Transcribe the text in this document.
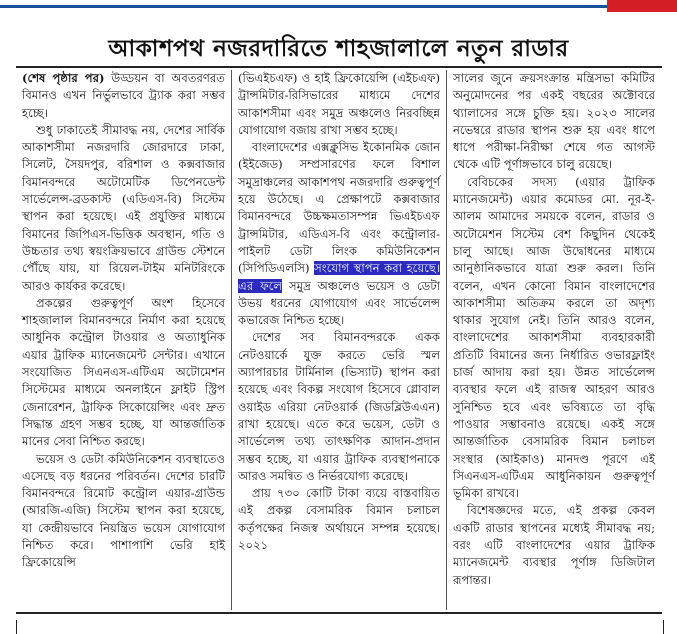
আকাশপথ নজরদারিতে শাহজালালে নতুন রাডার

(শেষ পৃষ্ঠার পর) উড্ডয়ন বা অবতরণরত বিমানও এখন নির্ভুলভাবে ট্র্যাক করা সম্ভব হচ্ছে।

শুধু ঢাকাতেই সীমাবদ্ধ নয়, দেশের সার্বিক আকাশসীমা নজরদারি জোরদারে ঢাকা, সিলেট, সৈয়দপুর, বরিশাল ও কক্সবাজার বিমানবন্দরে অটোমেটিক ডিপেনডেন্ট সার্ভেলেন্স-ব্রডকাস্ট (এডিএস-বি) সিস্টেম স্থাপন করা হয়েছে। এই প্রযুক্তির মাধ্যমে বিমানের জিপিএস-ভিত্তিক অবস্থান, গতি ও উচ্চতার তথ্য স্বয়ংক্রিয়ভাবে গ্রাউন্ড স্টেশনে পৌঁছে যায়, যা রিয়েল-টাইম মনিটরিংকে আরও কার্যকর করেছে।

প্রকল্পের গুরুত্বপূর্ণ অংশ হিসেবে শাহজালাল বিমানবন্দরে নির্মাণ করা হয়েছে আধুনিক কন্ট্রোল টাওয়ার ও অত্যাধুনিক এয়ার ট্রাফিক ম্যানেজমেন্ট সেন্টার। এখানে সংযোজিত সিএনএস-এটিএম অটোমেশন সিস্টেমের মাধ্যমে অনলাইনে ফ্লাইট স্ট্রিপ জেনারেশন, ট্রাফিক সিকোয়েন্সিং এবং দ্রুত সিদ্ধান্ত গ্রহণ সম্ভব হচ্ছে, যা আন্তর্জাতিক মানের সেবা নিশ্চিত করছে।

ভয়েস ও ডেটা কমিউনিকেশন ব্যবস্থাতেও এসেছে বড় ধরনের পরিবর্তন। দেশের চারটি বিমানবন্দরে রিমোট কন্ট্রোল এয়ার-গ্রাউন্ড (আরজি-এজি) সিস্টেম স্থাপন করা হয়েছে, যা কেন্দ্রীয়ভাবে নিয়ন্ত্রিত ভয়েস যোগাযোগ নিশ্চিত করে। পাশাপাশি ভেরি হাই ফ্রিকোয়েন্সি

(ভিএইচএফ) ও হাই ফ্রিকোয়েন্সি (এইচএফ) ট্রান্সমিটার-রিসিভারের মাধ্যমে দেশের আকাশসীমা এবং সমুদ্র অঞ্চলেও নিরবচ্ছিন্ন যোগাযোগ বজায় রাখা সম্ভব হচ্ছে।

বাংলাদেশের এক্সক্লুসিভ ইকোনমিক জোন (ইইজেড) সম্প্রসারণের ফলে বিশাল সমুদ্রাঞ্চলের আকাশপথ নজরদারি গুরুত্বপূর্ণ হয়ে উঠেছে। এ প্রেক্ষাপটে কক্সবাজার বিমানবন্দরে উচ্চক্ষমতাসম্পন্ন ভিএইচএফ ট্রান্সমিটার, এডিএস-বি এবং কন্ট্রোলার-পাইলট ডেটা লিংক কমিউনিকেশন (সিপিডিএলসি) সংযোগ স্থাপন করা হয়েছে। এর ফলে সমুদ্র অঞ্চলেও ভয়েস ও ডেটা উভয় ধরনের যোগাযোগ এবং সার্ভেলেন্স কভারেজ নিশ্চিত হচ্ছে।

দেশের সব বিমানবন্দরকে একক নেটওয়ার্কে যুক্ত করতে ভেরি স্মল অ্যাপারচার টার্মিনাল (ভিস্যাট) স্থাপন করা হয়েছে এবং বিকল্প সংযোগ হিসেবে গ্লোবাল ওয়াইড এরিয়া নেটওয়ার্ক (জিডব্লিউএএন) রাখা হয়েছে। এতে করে ভয়েস, ডেটা ও সার্ভেলেন্স তথ্য তাৎক্ষণিক আদান-প্রদান সম্ভব হচ্ছে, যা এয়ার ট্রাফিক ব্যবস্থাপনাকে আরও সমন্বিত ও নির্ভরযোগ্য করেছে।

প্রায় ৭৩০ কোটি টাকা ব্যয়ে বাস্তবায়িত এই প্রকল্প বেসামরিক বিমান চলাচল কর্তৃপক্ষের নিজস্ব অর্থায়নে সম্পন্ন হয়েছে। ২০২১

সালের জুনে ক্রয়সংক্রান্ত মন্ত্রিসভা কমিটির অনুমোদনের পর একই বছরের অক্টোবরে থ্যালাসের সঙ্গে চুক্তি হয়। ২০২৩ সালের নভেম্বরে রাডার স্থাপন শুরু হয় এবং ধাপে ধাপে পরীক্ষা-নিরীক্ষা শেষে গত আগস্ট থেকে এটি পূর্ণাঙ্গভাবে চালু রয়েছে।

বেবিচকের সদস্য (এয়ার ট্রাফিক ম্যানেজমেন্ট) এয়ার কমোডর মো. নূর-ই-আলম আমাদের সময়কে বলেন, রাডার ও অটোমেশন সিস্টেম বেশ কিছুদিন থেকেই চালু আছে। আজ উদ্বোধনের মাধ্যমে আনুষ্ঠানিকভাবে যাত্রা শুরু করল। তিনি বলেন, এখন কোনো বিমান বাংলাদেশের আকাশসীমা অতিক্রম করলে তা অদৃশ্য থাকার সুযোগ নেই। তিনি আরও বলেন, বাংলাদেশের আকাশসীমা ব্যবহারকারী প্রতিটি বিমানের জন্য নির্ধারিত ওভারফ্লাইং চার্জ আদায় করা হয়। উন্নত সার্ভেলেন্স ব্যবস্থার ফলে এই রাজস্ব আহরণ আরও সুনিশ্চিত হবে এবং ভবিষ্যতে তা বৃদ্ধি পাওয়ার সম্ভাবনাও রয়েছে। একই সঙ্গে আন্তর্জাতিক বেসামরিক বিমান চলাচল সংস্থার (আইকাও) মানদণ্ড পূরণে এই সিএনএস-এটিএম আধুনিকায়ন গুরুত্বপূর্ণ ভূমিকা রাখবে।

বিশেষজ্ঞদের মতে, এই প্রকল্প কেবল একটি রাডার স্থাপনের মধ্যেই সীমাবদ্ধ নয়; বরং এটি বাংলাদেশের এয়ার ট্রাফিক ম্যানেজমেন্ট ব্যবস্থার পূর্ণাঙ্গ ডিজিটাল রূপান্তর।
